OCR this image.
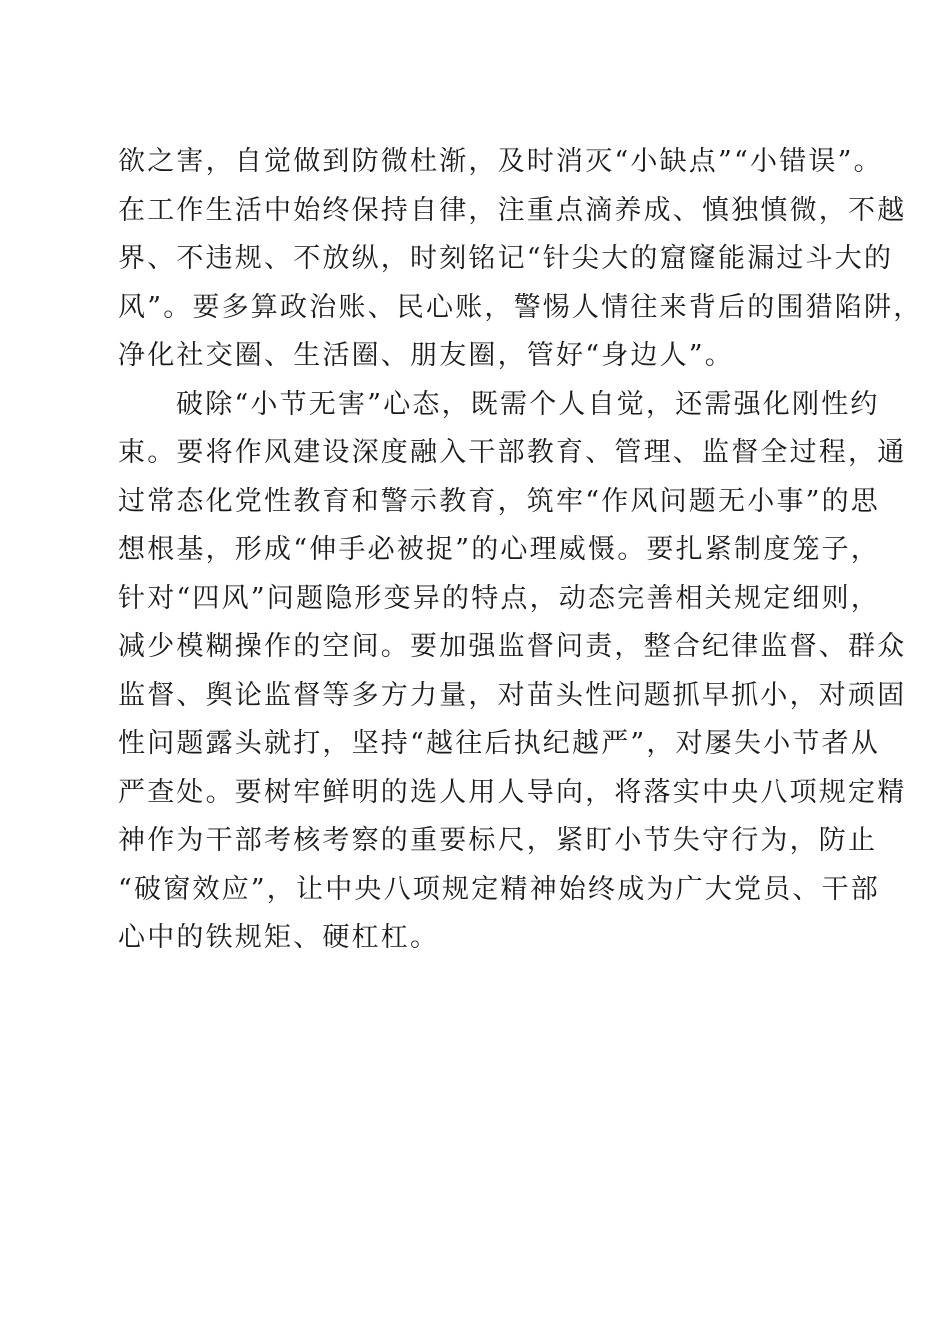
欲之害，自觉做到防微杜渐，及时消灭“小缺点”“小错误”。
在工作生活中始终保持自律，注重点滴养成、慎独慎微，不越
界、不违规、不放纵，时刻铭记“针尖大的窟窿能漏过斗大的
风”。要多算政治账、民心账，警惕人情往来背后的围猎陷阱，
净化社交圈、生活圈、朋友圈，管好“身边人”。
破除“小节无害”心态，既需个人自觉，还需强化刚性约
束。要将作风建设深度融入干部教育、管理、监督全过程，通
过常态化党性教育和警示教育，筑牢“作风问题无小事”的思
想根基，形成“伸手必被捉”的心理威慑。要扎紧制度笼子，
针对“四风”问题隐形变异的特点，动态完善相关规定细则，
减少模糊操作的空间。要加强监督问责，整合纪律监督、群众
监督、舆论监督等多方力量，对苗头性问题抓早抓小，对顽固
性问题露头就打，坚持“越往后执纪越严”，对屡失小节者从
严查处。要树牢鲜明的选人用人导向，将落实中央八项规定精
神作为干部考核考察的重要标尺，紧盯小节失守行为，防止
“破窗效应”，让中央八项规定精神始终成为广大党员、干部
心中的铁规矩、硬杠杠。
